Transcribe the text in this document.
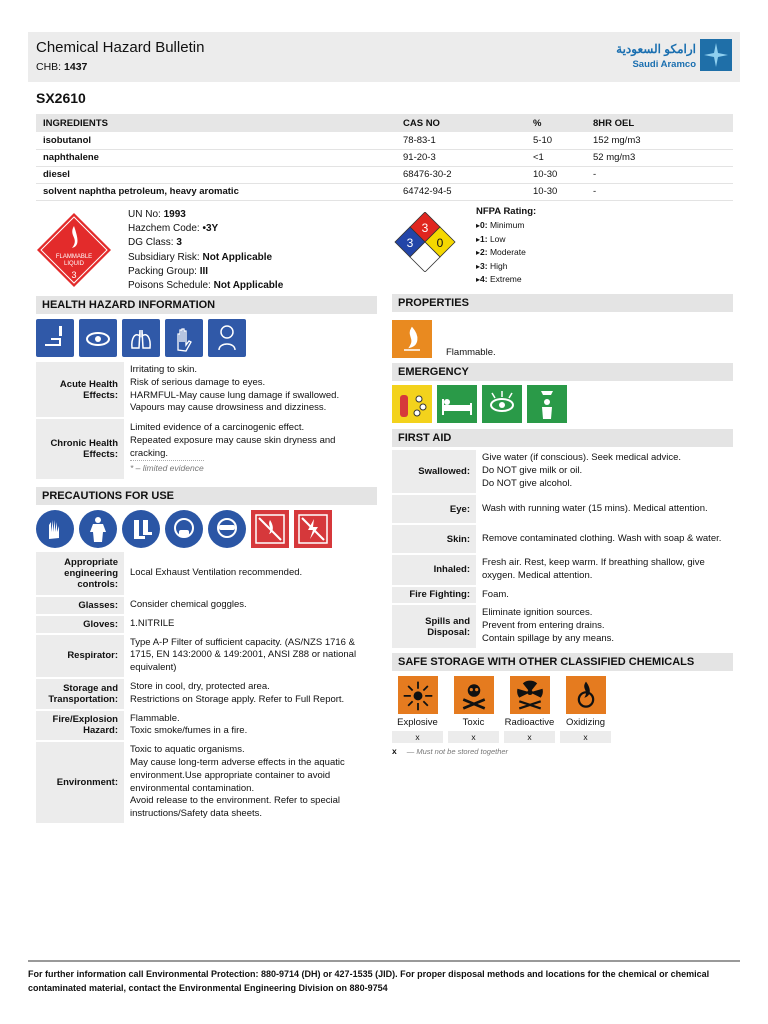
Chemical Hazard Bulletin
CHB: 1437
ارامكو السعودية
Saudi Aramco
SX2610
INGREDIENTS	CAS NO	%	8HR OEL
isobutanol	78-83-1	5-10	152 mg/m3
naphthalene	91-20-3	<1	52 mg/m3
diesel	68476-30-2	10-30	-
solvent naphtha petroleum, heavy aromatic	64742-94-5	10-30	-
FLAMMABLE
LIQUID
3
UN No: 1993
Hazchem Code: •3Y
DG Class: 3
Subsidiary Risk: Not Applicable
Packing Group: III
Poisons Schedule: Not Applicable
3
3 0
NFPA Rating:
▸ 0: Minimum
▸ 1: Low
▸ 2: Moderate
▸ 3: High
▸ 4: Extreme
HEALTH HAZARD INFORMATION
Acute Health Effects:	Irritating to skin.
Risk of serious damage to eyes.
HARMFUL-May cause lung damage if swallowed.
Vapours may cause drowsiness and dizziness.
Chronic Health Effects:	Limited evidence of a carcinogenic effect.
Repeated exposure may cause skin dryness and cracking.
* – limited evidence
PRECAUTIONS FOR USE
Appropriate engineering controls:	Local Exhaust Ventilation recommended.
Glasses:	Consider chemical goggles.
Gloves:	1.NITRILE
Respirator:	Type A-P Filter of sufficient capacity. (AS/NZS 1716 & 1715, EN 143:2000 & 149:2001, ANSI Z88 or national equivalent)
Storage and Transportation:	Store in cool, dry, protected area.
Restrictions on Storage apply. Refer to Full Report.
Fire/Explosion Hazard:	Flammable.
Toxic smoke/fumes in a fire.
Environment:	Toxic to aquatic organisms.
May cause long-term adverse effects in the aquatic environment.Use appropriate container to avoid environmental contamination.
Avoid release to the environment. Refer to special instructions/Safety data sheets.
PROPERTIES
Flammable.
EMERGENCY
FIRST AID
Swallowed:	Give water (if conscious). Seek medical advice.
Do NOT give milk or oil.
Do NOT give alcohol.
Eye:	Wash with running water (15 mins). Medical attention.
Skin:	Remove contaminated clothing. Wash with soap & water.
Inhaled:	Fresh air. Rest, keep warm. If breathing shallow, give oxygen. Medical attention.
Fire Fighting:	Foam.
Spills and Disposal:	Eliminate ignition sources.
Prevent from entering drains.
Contain spillage by any means.
SAFE STORAGE WITH OTHER CLASSIFIED CHEMICALS
Explosive
x
Toxic
x
Radioactive
x
Oxidizing
x
x — Must not be stored together
For further information call Environmental Protection: 880-9714 (DH) or 427-1535 (JID). For proper disposal methods and locations for the chemical or chemical contaminated material, contact the Environmental Engineering Division on 880-9754
